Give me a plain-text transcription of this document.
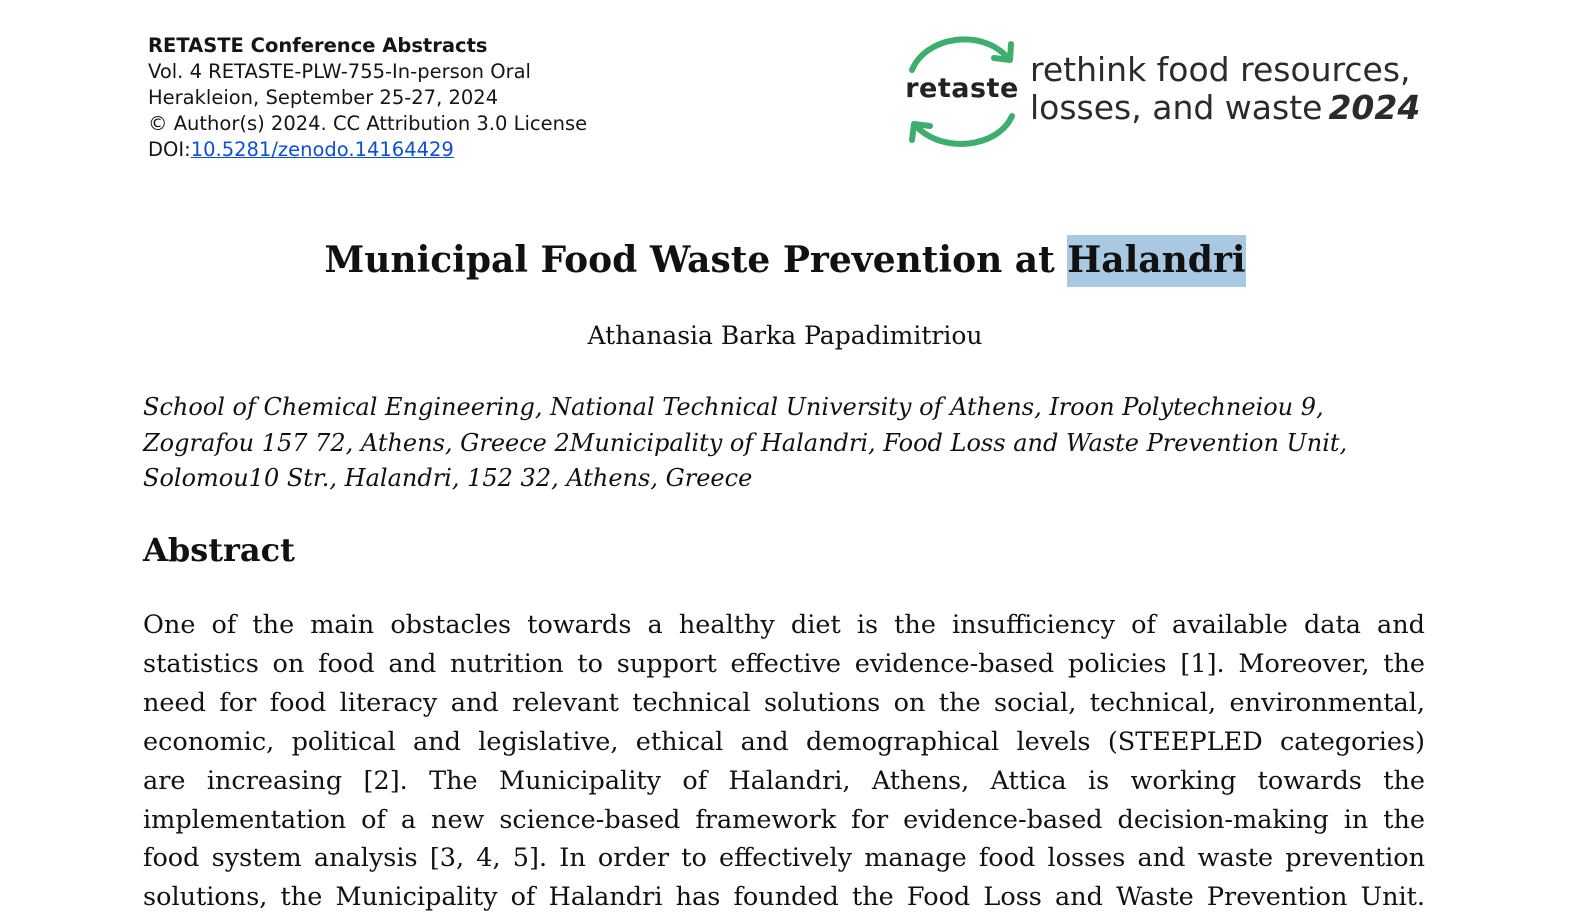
RETASTE Conference Abstracts
Vol. 4 RETASTE-PLW-755-In-person Oral
Herakleion, September 25-27, 2024
© Author(s) 2024. CC Attribution 3.0 License
DOI:10.5281/zenodo.14164429
retaste rethink food resources,
losses, and waste 2024
Municipal Food Waste Prevention at Halandri
Athanasia Barka Papadimitriou
School of Chemical Engineering, National Technical University of Athens, Iroon Polytechneiou 9,
Zografou 157 72, Athens, Greece 2Municipality of Halandri, Food Loss and Waste Prevention Unit,
Solomou10 Str., Halandri, 152 32, Athens, Greece
Abstract
One of the main obstacles towards a healthy diet is the insufficiency of available data and
statistics on food and nutrition to support effective evidence-based policies [1]. Moreover, the
need for food literacy and relevant technical solutions on the social, technical, environmental,
economic, political and legislative, ethical and demographical levels (STEEPLED categories)
are increasing [2]. The Municipality of Halandri, Athens, Attica is working towards the
implementation of a new science-based framework for evidence-based decision-making in the
food system analysis [3, 4, 5]. In order to effectively manage food losses and waste prevention
solutions, the Municipality of Halandri has founded the Food Loss and Waste Prevention Unit.
